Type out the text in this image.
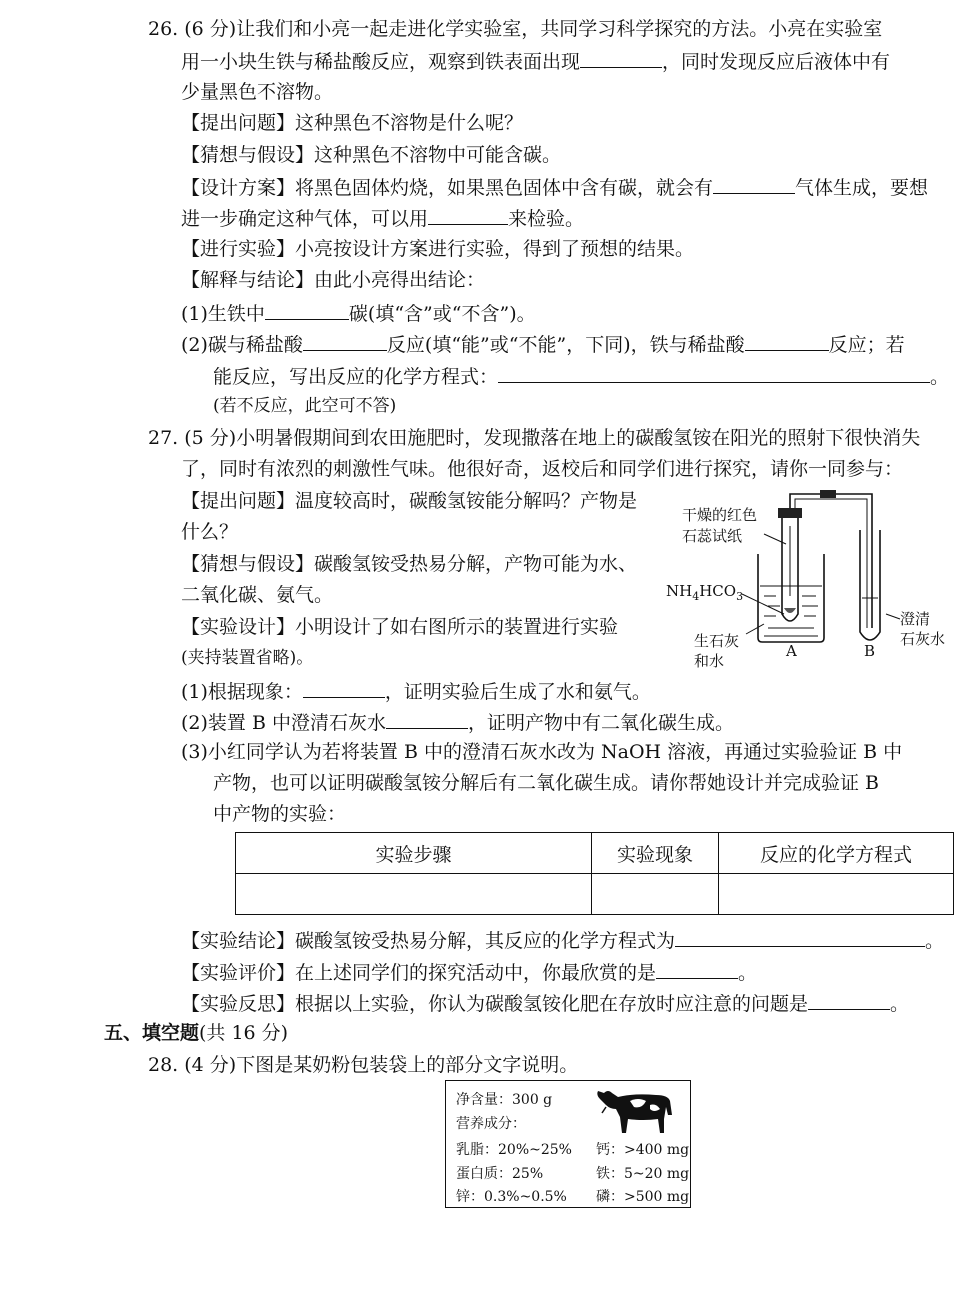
26. (6 分)让我们和小亮一起走进化学实验室，共同学习科学探究的方法。小亮在实验室
用一小块生铁与稀盐酸反应，观察到铁表面出现	，同时发现反应后液体中有
少量黑色不溶物。
【提出问题】这种黑色不溶物是什么呢？
【猜想与假设】这种黑色不溶物中可能含碳。
【设计方案】将黑色固体灼烧，如果黑色固体中含有碳，就会有	气体生成，要想
进一步确定这种气体，可以用	来检验。
【进行实验】小亮按设计方案进行实验，得到了预想的结果。
【解释与结论】由此小亮得出结论：
(1)生铁中	碳(填“含”或“不含”)。
(2)碳与稀盐酸	反应(填“能”或“不能”，下同)，铁与稀盐酸	反应；若
能反应，写出反应的化学方程式：	。
(若不反应，此空可不答)
27. (5 分)小明暑假期间到农田施肥时，发现撒落在地上的碳酸氢铵在阳光的照射下很快消失
了，同时有浓烈的刺激性气味。他很好奇，返校后和同学们进行探究，请你一同参与：
【提出问题】温度较高时，碳酸氢铵能分解吗？产物是
什么？
【猜想与假设】碳酸氢铵受热易分解，产物可能为水、
二氧化碳、氨气。
【实验设计】小明设计了如右图所示的装置进行实验
(夹持装置省略)。
干燥的红色
石蕊试纸
$NH_4HCO_3$
生石灰
和水
A	B
澄清
石灰水
(1)根据现象：	，证明实验后生成了水和氨气。
(2)装置 B 中澄清石灰水	，证明产物中有二氧化碳生成。
(3)小红同学认为若将装置 B 中的澄清石灰水改为 NaOH 溶液，再通过实验验证 B 中
产物，也可以证明碳酸氢铵分解后有二氧化碳生成。请你帮她设计并完成验证 B
中产物的实验：
实验步骤	实验现象	反应的化学方程式

【实验结论】碳酸氢铵受热易分解，其反应的化学方程式为	。
【实验评价】在上述同学们的探究活动中，你最欣赏的是	。
【实验反思】根据以上实验，你认为碳酸氢铵化肥在存放时应注意的问题是	。
五、填空题(共 16 分)
28. (4 分)下图是某奶粉包装袋上的部分文字说明。
净含量：300 g
营养成分：
乳脂：20%~25%
蛋白质：25%
锌：0.3%~0.5%
钙：>400 mg
铁：5~20 mg
磷：>500 mg
